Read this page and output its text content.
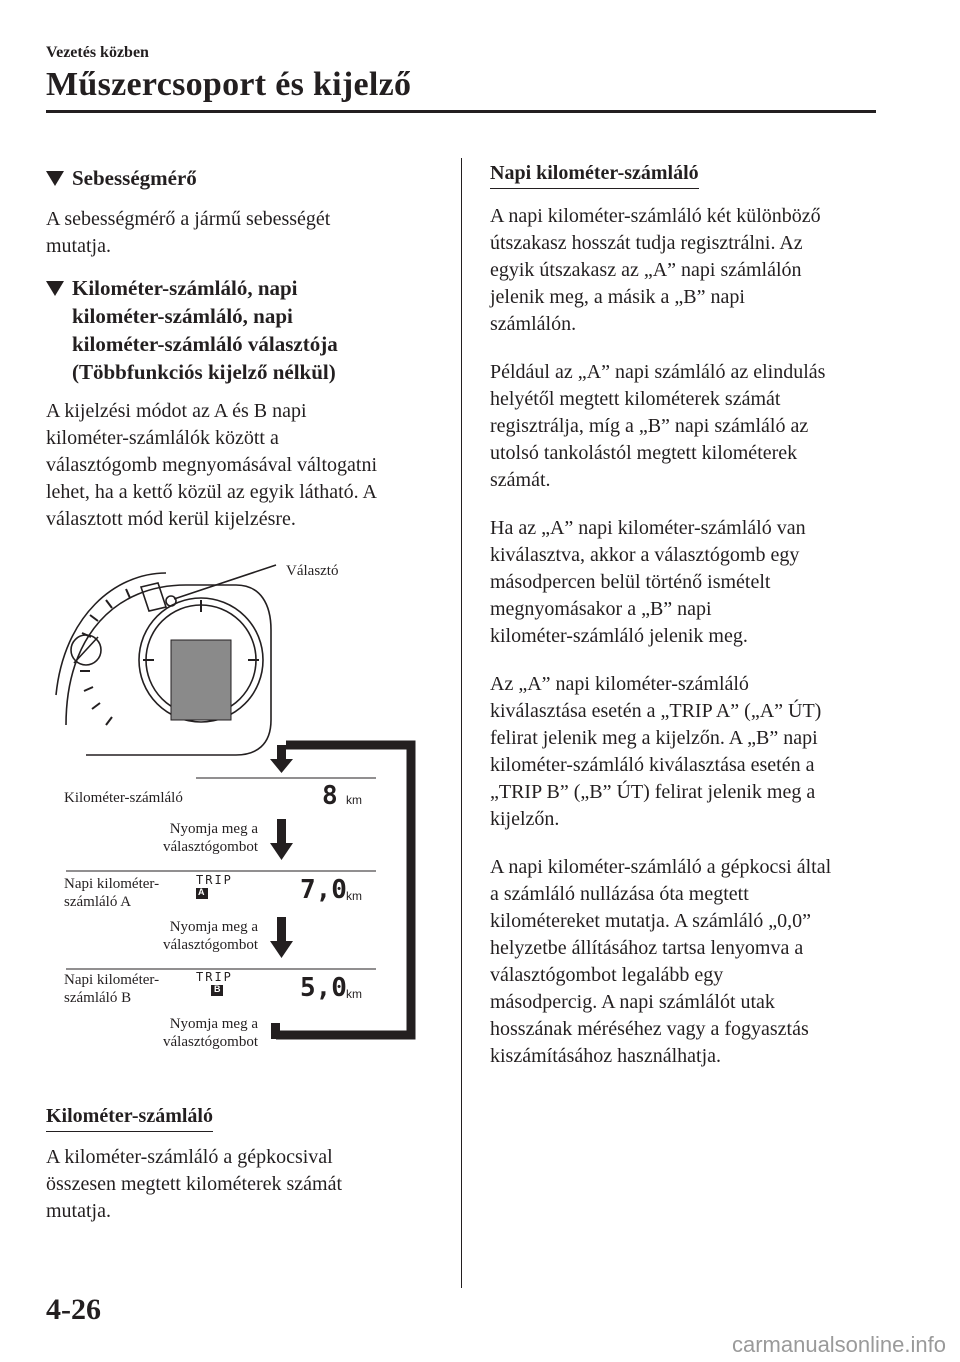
Vezetés közben
Műszercsoport és kijelző
Sebességmérő

A sebességmérő a jármű sebességét
mutatja.

Kilométer-számláló, napi
kilométer-számláló, napi
kilométer-számláló választója
(Többfunkciós kijelző nélkül)

A kijelzési módot az A és B napi
kilométer-számlálók között a
választógomb megnyomásával váltogatni
lehet, ha a kettő közül az egyik látható. A
választott mód kerül kijelzésre.

Választó
Kilométer-számláló
Nyomja meg a
választógombot
Napi kilométer-
számláló A
Nyomja meg a
választógombot
Napi kilométer-
számláló B
Nyomja meg a
választógombot
TRIP
A
TRIP
B
8 km
7,0 km
5,0 km
Kilométer-számláló

A kilométer-számláló a gépkocsival
összesen megtett kilométerek számát
mutatja.

Napi kilométer-számláló

A napi kilométer-számláló két különböző
útszakasz hosszát tudja regisztrálni. Az
egyik útszakasz az „A” napi számlálón
jelenik meg, a másik a „B” napi
számlálón.

Például az „A” napi számláló az elindulás
helyétől megtett kilométerek számát
regisztrálja, míg a „B” napi számláló az
utolsó tankolástól megtett kilométerek
számát.

Ha az „A” napi kilométer-számláló van
kiválasztva, akkor a választógomb egy
másodpercen belül történő ismételt
megnyomásakor a „B” napi
kilométer-számláló jelenik meg.

Az „A” napi kilométer-számláló
kiválasztása esetén a „TRIP A” („A” ÚT)
felirat jelenik meg a kijelzőn. A „B” napi
kilométer-számláló kiválasztása esetén a
„TRIP B” („B” ÚT) felirat jelenik meg a
kijelzőn.

A napi kilométer-számláló a gépkocsi által
a számláló nullázása óta megtett
kilométereket mutatja. A számláló „0,0”
helyzetbe állításához tartsa lenyomva a
választógombot legalább egy
másodpercig. A napi számlálót utak
hosszának méréséhez vagy a fogyasztás
kiszámításához használhatja.

4-26
carmanualsonline.info
